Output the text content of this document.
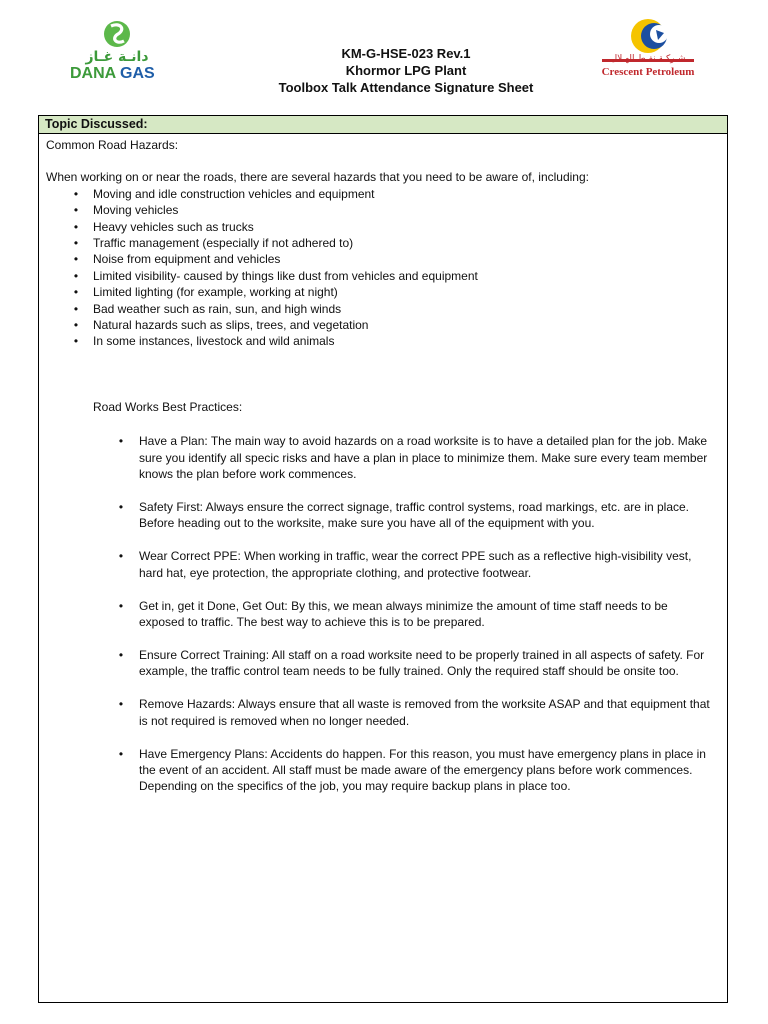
دانـة غـاز
DANA GAS
KM-G-HSE-023 Rev.1
Khormor LPG Plant
Toolbox Talk Attendance Signature Sheet
شـركـة نفـط الهـلال
Crescent Petroleum
Topic Discussed:
Common Road Hazards:
When working on or near the roads, there are several hazards that you need to be aware of, including:
• Moving and idle construction vehicles and equipment
• Moving vehicles
• Heavy vehicles such as trucks
• Traffic management (especially if not adhered to)
• Noise from equipment and vehicles
• Limited visibility- caused by things like dust from vehicles and equipment
• Limited lighting (for example, working at night)
• Bad weather such as rain, sun, and high winds
• Natural hazards such as slips, trees, and vegetation
• In some instances, livestock and wild animals
Road Works Best Practices:
• Have a Plan: The main way to avoid hazards on a road worksite is to have a detailed plan for the job. Make sure you identify all specic risks and have a plan in place to minimize them. Make sure every team member knows the plan before work commences.
• Safety First: Always ensure the correct signage, traffic control systems, road markings, etc. are in place. Before heading out to the worksite, make sure you have all of the equipment with you.
• Wear Correct PPE: When working in traffic, wear the correct PPE such as a reflective high-visibility vest, hard hat, eye protection, the appropriate clothing, and protective footwear.
• Get in, get it Done, Get Out: By this, we mean always minimize the amount of time staff needs to be exposed to traffic. The best way to achieve this is to be prepared.
• Ensure Correct Training: All staff on a road worksite need to be properly trained in all aspects of safety. For example, the traffic control team needs to be fully trained. Only the required staff should be onsite too.
• Remove Hazards: Always ensure that all waste is removed from the worksite ASAP and that equipment that is not required is removed when no longer needed.
• Have Emergency Plans: Accidents do happen. For this reason, you must have emergency plans in place in the event of an accident. All staff must be made aware of the emergency plans before work commences. Depending on the specifics of the job, you may require backup plans in place too.
